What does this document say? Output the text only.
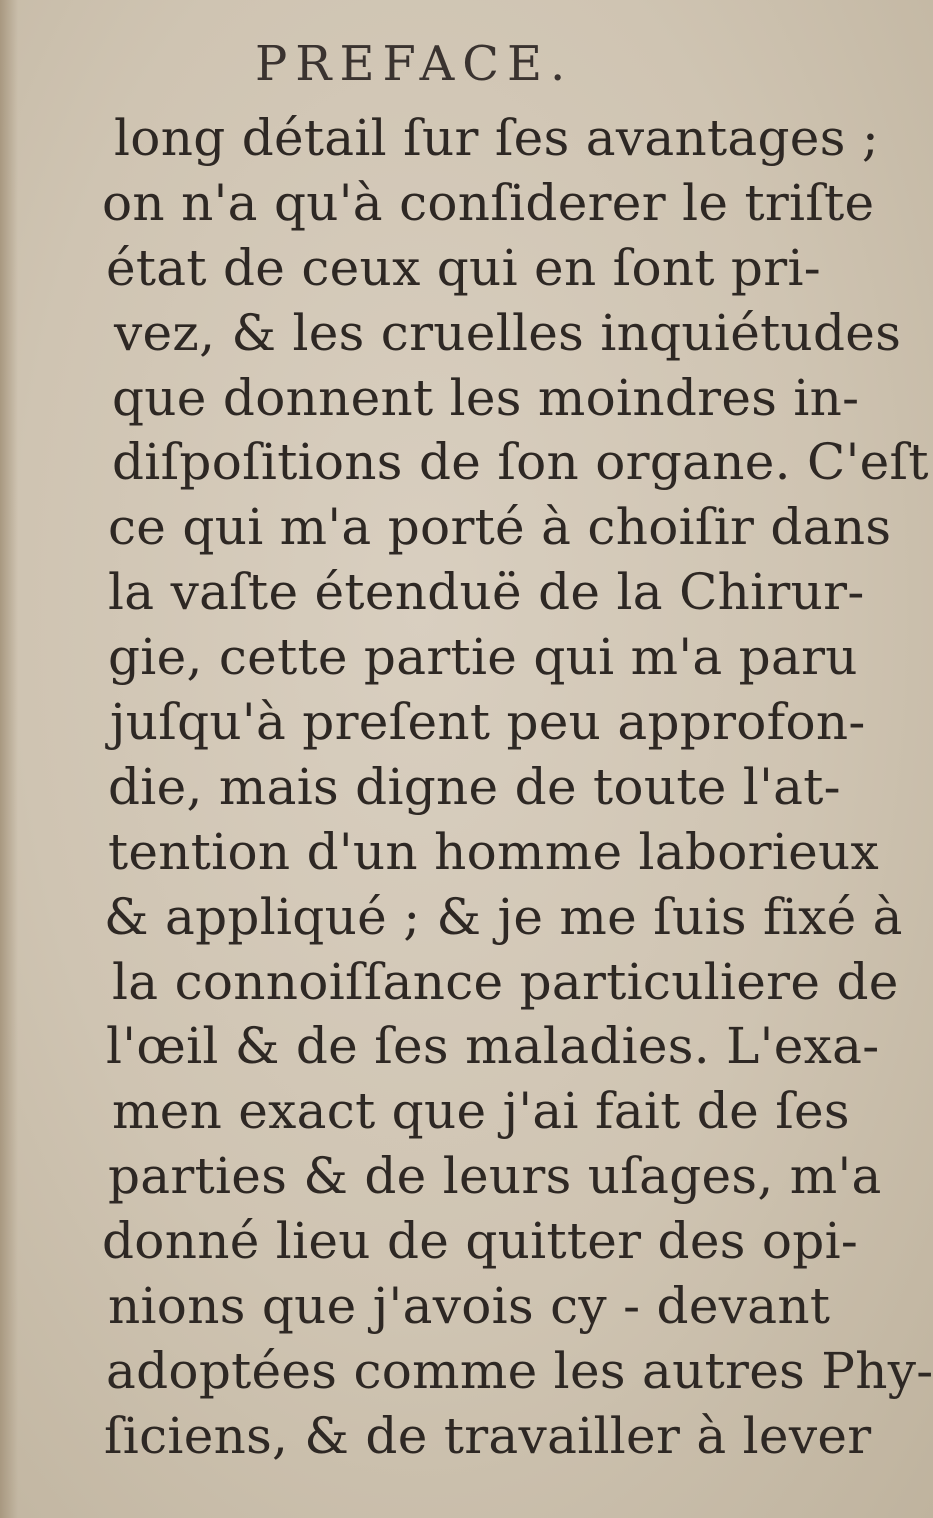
PREFACE.
long détail ſur ſes avantages ;
on n'a qu'à conſiderer le triſte
état de ceux qui en ſont pri-
vez, & les cruelles inquiétudes
que donnent les moindres in-
diſpoſitions de ſon organe. C'eſt
ce qui m'a porté à choiſir dans
la vaſte étenduë de la Chirur-
gie, cette partie qui m'a paru
juſqu'à preſent peu approfon-
die, mais digne de toute l'at-
tention d'un homme laborieux
& appliqué ; & je me ſuis fixé à
la connoiſſance particuliere de
l'œil & de ſes maladies. L'exa-
men exact que j'ai fait de ſes
parties & de leurs uſages, m'a
donné lieu de quitter des opi-
nions que j'avois cy - devant
adoptées comme les autres Phy-
ſiciens, & de travailler à lever
